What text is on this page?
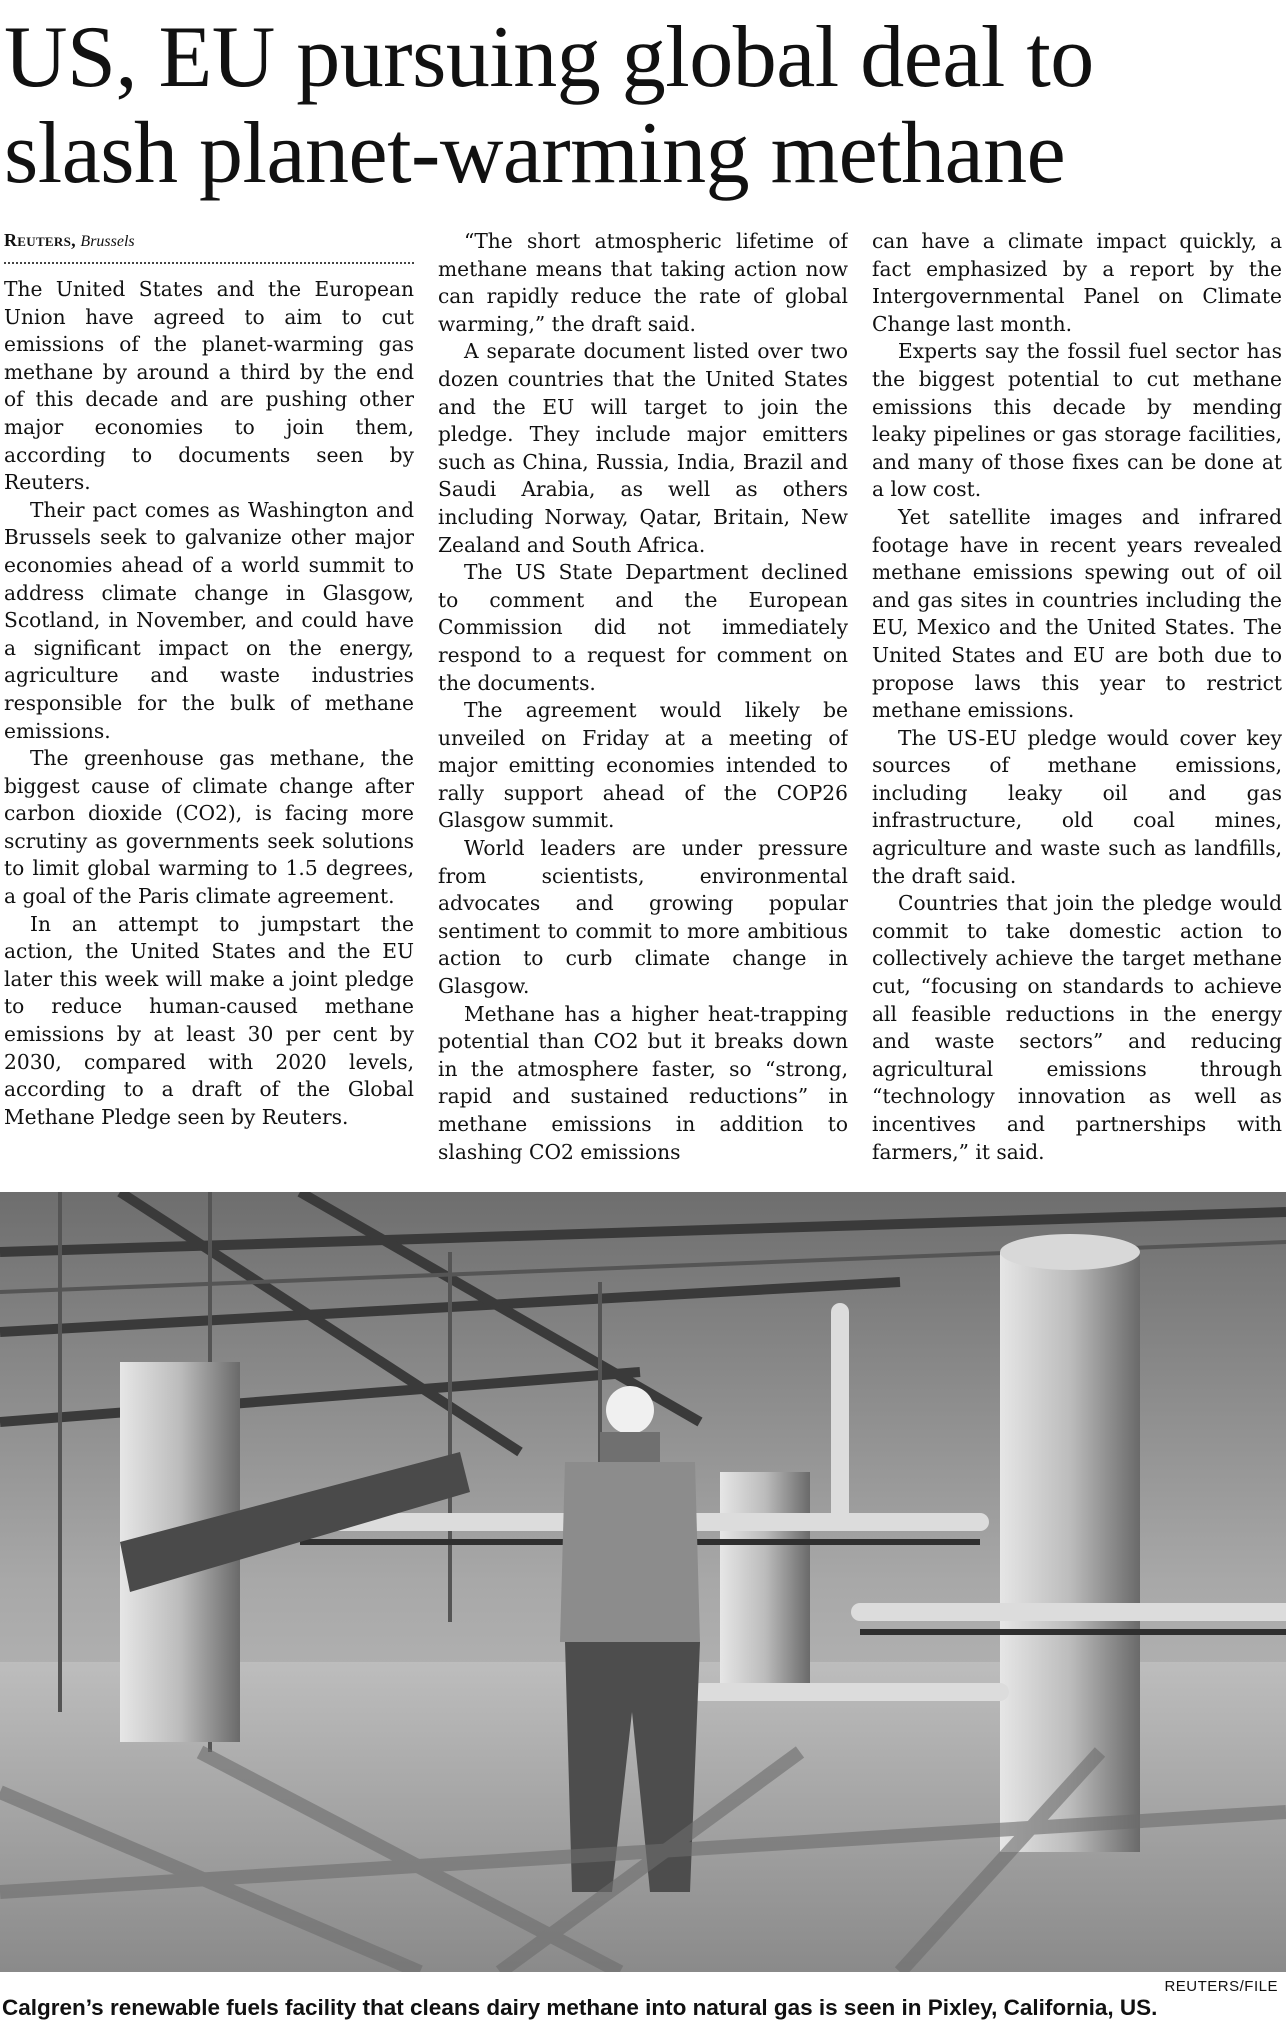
US, EU pursuing global deal to
slash planet-warming methane
Reuters, Brussels

The United States and the European Union have agreed to aim to cut emissions of the planet-warming gas methane by around a third by the end of this decade and are pushing other major economies to join them, according to documents seen by Reuters.

Their pact comes as Washington and Brussels seek to galvanize other major economies ahead of a world summit to address climate change in Glasgow, Scotland, in November, and could have a significant impact on the energy, agriculture and waste industries responsible for the bulk of methane emissions.

The greenhouse gas methane, the biggest cause of climate change after carbon dioxide (CO2), is facing more scrutiny as governments seek solutions to limit global warming to 1.5 degrees, a goal of the Paris climate agreement.

In an attempt to jumpstart the action, the United States and the EU later this week will make a joint pledge to reduce human-caused methane emissions by at least 30 per cent by 2030, compared with 2020 levels, according to a draft of the Global Methane Pledge seen by Reuters.

“The short atmospheric lifetime of methane means that taking action now can rapidly reduce the rate of global warming,” the draft said.

A separate document listed over two dozen countries that the United States and the EU will target to join the pledge. They include major emitters such as China, Russia, India, Brazil and Saudi Arabia, as well as others including Norway, Qatar, Britain, New Zealand and South Africa.

The US State Department declined to comment and the European Commission did not immediately respond to a request for comment on the documents.

The agreement would likely be unveiled on Friday at a meeting of major emitting economies intended to rally support ahead of the COP26 Glasgow summit.

World leaders are under pressure from scientists, environmental advocates and growing popular sentiment to commit to more ambitious action to curb climate change in Glasgow.

Methane has a higher heat-trapping potential than CO2 but it breaks down in the atmosphere faster, so “strong, rapid and sustained reductions” in methane emissions in addition to slashing CO2 emissions

can have a climate impact quickly, a fact emphasized by a report by the Intergovernmental Panel on Climate Change last month.

Experts say the fossil fuel sector has the biggest potential to cut methane emissions this decade by mending leaky pipelines or gas storage facilities, and many of those fixes can be done at a low cost.

Yet satellite images and infrared footage have in recent years revealed methane emissions spewing out of oil and gas sites in countries including the EU, Mexico and the United States. The United States and EU are both due to propose laws this year to restrict methane emissions.

The US-EU pledge would cover key sources of methane emissions, including leaky oil and gas infrastructure, old coal mines, agriculture and waste such as landfills, the draft said.

Countries that join the pledge would commit to take domestic action to collectively achieve the target methane cut, “focusing on standards to achieve all feasible reductions in the energy and waste sectors” and reducing agricultural emissions through “technology innovation as well as incentives and partnerships with farmers,” it said.

REUTERS/FILE
Calgren’s renewable fuels facility that cleans dairy methane into natural gas is seen in Pixley, California, US.
